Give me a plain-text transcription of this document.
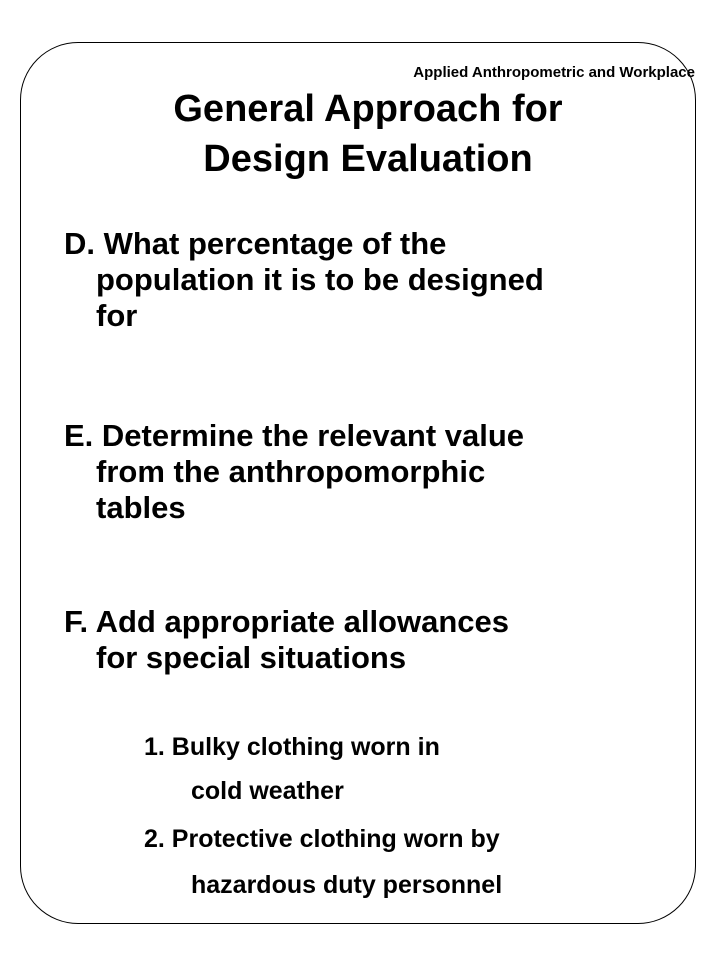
Applied Anthropometric and Workplace
General Approach for
Design Evaluation
D. What percentage of the
population it is to be designed
for
E. Determine the relevant value
from the anthropomorphic
tables
F. Add appropriate allowances
for special situations
1. Bulky clothing worn in
cold weather
2. Protective clothing worn by
hazardous duty personnel
